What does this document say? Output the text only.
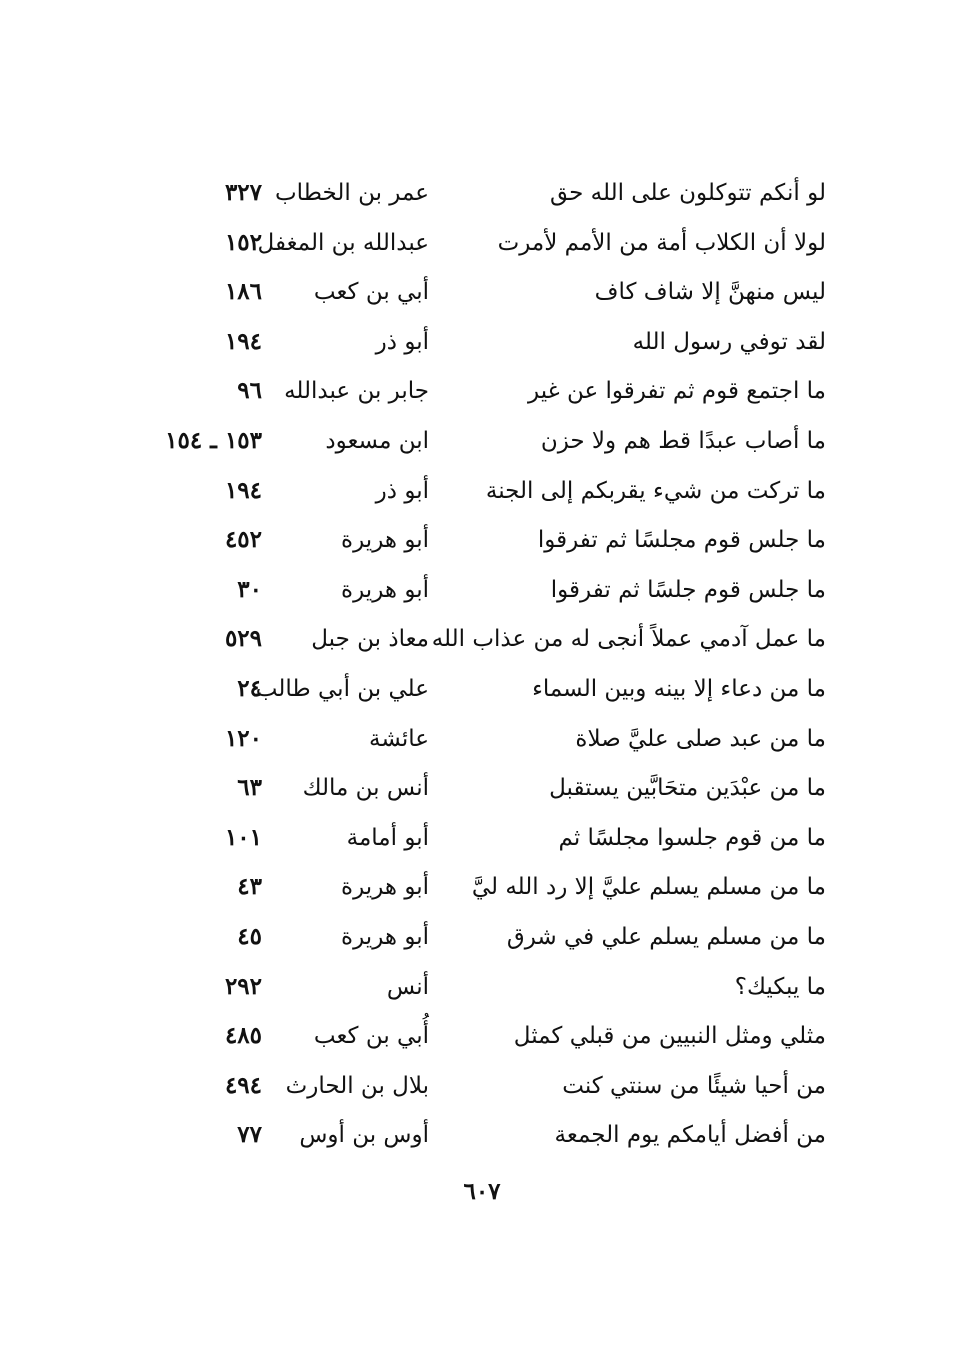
لو أنكم تتوكلون على الله حق
عمر بن الخطاب
٣٢٧
لولا أن الكلاب أمة من الأمم لأمرت
عبدالله بن المغفل
١٥٢
ليس منهنَّ إلا شاف كاف
أبي بن كعب
١٨٦
لقد توفي رسول الله
أبو ذر
١٩٤
ما اجتمع قوم ثم تفرقوا عن غير
جابر بن عبدالله
٩٦
ما أصاب عبدًا قط هم ولا حزن
ابن مسعود
١٥٣ ـ ١٥٤
ما تركت من شيء يقربكم إلى الجنة
أبو ذر
١٩٤
ما جلس قوم مجلسًا ثم تفرقوا
أبو هريرة
٤٥٢
ما جلس قوم جلسًا ثم تفرقوا
أبو هريرة
٣٠
ما عمل آدمي عملاً أنجى له من عذاب الله
معاذ بن جبل
٥٢٩
ما من دعاء إلا بينه وبين السماء
علي بن أبي طالب
٢٤
ما من عبد صلى عليَّ صلاة
عائشة
١٢٠
ما من عبْدَين متحَابَّين يستقبل
أنس بن مالك
٦٣
ما من قوم جلسوا مجلسًا ثم
أبو أمامة
١٠١
ما من مسلم يسلم عليَّ إلا رد الله ليَّ
أبو هريرة
٤٣
ما من مسلم يسلم علي في شرق
أبو هريرة
٤٥
ما يبكيك؟
أنس
٢٩٢
مثلي ومثل النبيين من قبلي كمثل
أُبي بن كعب
٤٨٥
من أحيا شيئًا من سنتي كنت
بلال بن الحارث
٤٩٤
من أفضل أيامكم يوم الجمعة
أوس بن أوس
٧٧
٦٠٧
